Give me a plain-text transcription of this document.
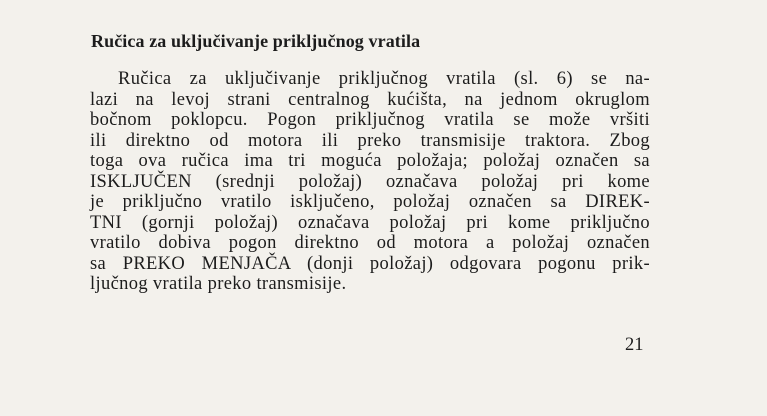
Ručica za uključivanje priključnog vratila

Ručica za uključivanje priključnog vratila (sl. 6) se na-
lazi na levoj strani centralnog kućišta, na jednom okruglom
bočnom poklopcu. Pogon priključnog vratila se može vršiti
ili direktno od motora ili preko transmisije traktora. Zbog
toga ova ručica ima tri moguća položaja; položaj označen sa
ISKLJUČEN (srednji položaj) označava položaj pri kome
je priključno vratilo isključeno, položaj označen sa DIREK-
TNI (gornji položaj) označava položaj pri kome priključno
vratilo dobiva pogon direktno od motora a položaj označen
sa PREKO MENJAČA (donji položaj) odgovara pogonu prik-
ljučnog vratila preko transmisije.

21
